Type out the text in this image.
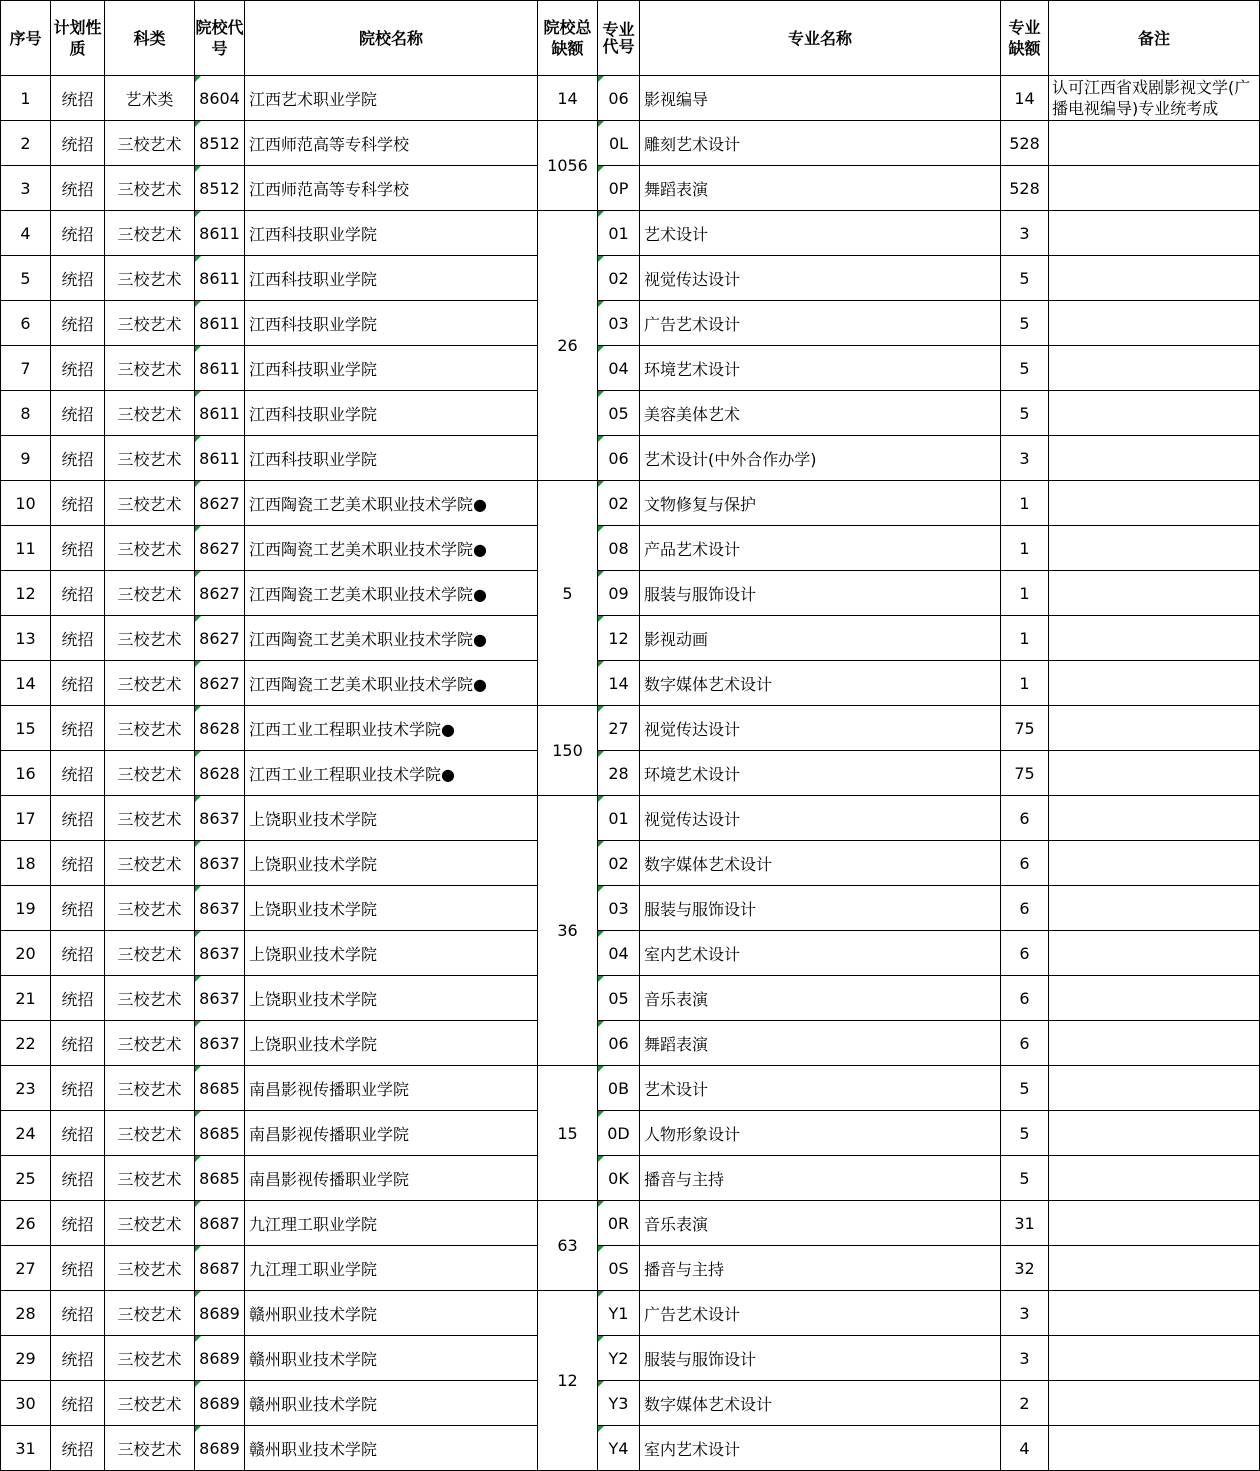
序号	计划性质	科类	院校代号	院校名称	院校总缺额	专业代号	专业名称	专业缺额	备注
1	统招	艺术类	8604	江西艺术职业学院	14	06	影视编导	14	认可江西省戏剧影视文学(广播电视编导)专业统考成
2	统招	三校艺术	8512	江西师范高等专科学校	1056	0L	雕刻艺术设计	528	
3	统招	三校艺术	8512	江西师范高等专科学校		0P	舞蹈表演	528	
4	统招	三校艺术	8611	江西科技职业学院	26	01	艺术设计	3	
5	统招	三校艺术	8611	江西科技职业学院		02	视觉传达设计	5	
6	统招	三校艺术	8611	江西科技职业学院		03	广告艺术设计	5	
7	统招	三校艺术	8611	江西科技职业学院		04	环境艺术设计	5	
8	统招	三校艺术	8611	江西科技职业学院		05	美容美体艺术	5	
9	统招	三校艺术	8611	江西科技职业学院		06	艺术设计(中外合作办学)	3	
10	统招	三校艺术	8627	江西陶瓷工艺美术职业技术学院●	5	02	文物修复与保护	1	
11	统招	三校艺术	8627	江西陶瓷工艺美术职业技术学院●		08	产品艺术设计	1	
12	统招	三校艺术	8627	江西陶瓷工艺美术职业技术学院●		09	服装与服饰设计	1	
13	统招	三校艺术	8627	江西陶瓷工艺美术职业技术学院●		12	影视动画	1	
14	统招	三校艺术	8627	江西陶瓷工艺美术职业技术学院●		14	数字媒体艺术设计	1	
15	统招	三校艺术	8628	江西工业工程职业技术学院●	150	27	视觉传达设计	75	
16	统招	三校艺术	8628	江西工业工程职业技术学院●		28	环境艺术设计	75	
17	统招	三校艺术	8637	上饶职业技术学院	36	01	视觉传达设计	6	
18	统招	三校艺术	8637	上饶职业技术学院		02	数字媒体艺术设计	6	
19	统招	三校艺术	8637	上饶职业技术学院		03	服装与服饰设计	6	
20	统招	三校艺术	8637	上饶职业技术学院		04	室内艺术设计	6	
21	统招	三校艺术	8637	上饶职业技术学院		05	音乐表演	6	
22	统招	三校艺术	8637	上饶职业技术学院		06	舞蹈表演	6	
23	统招	三校艺术	8685	南昌影视传播职业学院	15	0B	艺术设计	5	
24	统招	三校艺术	8685	南昌影视传播职业学院		0D	人物形象设计	5	
25	统招	三校艺术	8685	南昌影视传播职业学院		0K	播音与主持	5	
26	统招	三校艺术	8687	九江理工职业学院	63	0R	音乐表演	31	
27	统招	三校艺术	8687	九江理工职业学院		0S	播音与主持	32	
28	统招	三校艺术	8689	赣州职业技术学院	12	Y1	广告艺术设计	3	
29	统招	三校艺术	8689	赣州职业技术学院		Y2	服装与服饰设计	3	
30	统招	三校艺术	8689	赣州职业技术学院		Y3	数字媒体艺术设计	2	
31	统招	三校艺术	8689	赣州职业技术学院		Y4	室内艺术设计	4	
